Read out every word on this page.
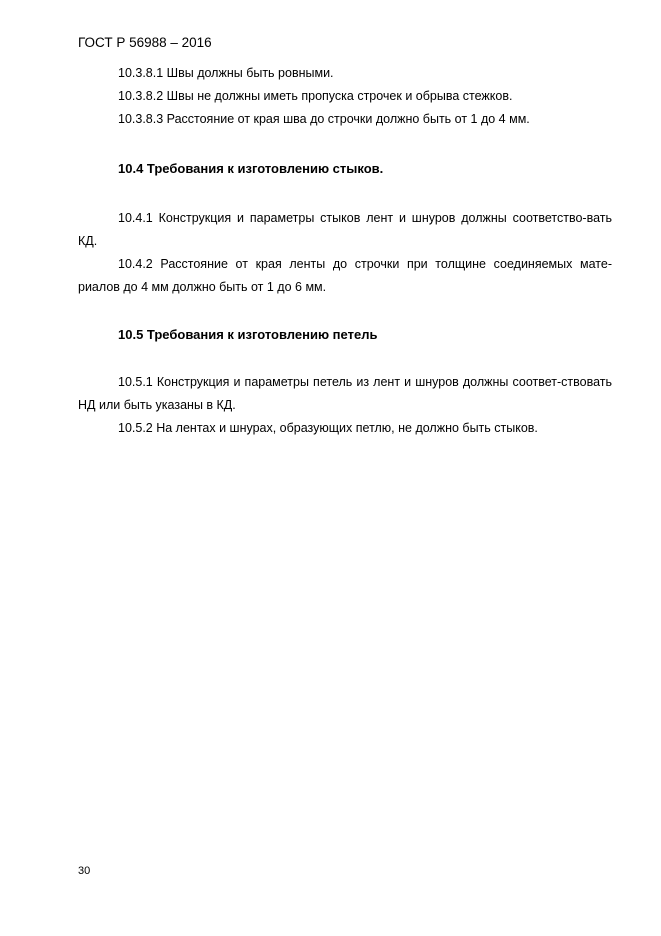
ГОСТ Р 56988 – 2016

10.3.8.1 Швы должны быть ровными.

10.3.8.2 Швы не должны иметь пропуска строчек и обрыва стежков.

10.3.8.3 Расстояние от края шва до строчки должно быть от 1 до 4 мм.

10.4 Требования к изготовлению стыков.

10.4.1 Конструкция и параметры стыков лент и шнуров должны соответство-вать КД.

10.4.2 Расстояние от края ленты до строчки при толщине соединяемых мате-риалов до 4 мм должно быть от 1 до 6 мм.

10.5 Требования к изготовлению петель

10.5.1 Конструкция и параметры петель из лент и шнуров должны соответ-ствовать НД или быть указаны в КД.

10.5.2 На лентах и шнурах, образующих петлю, не должно быть стыков.

30
